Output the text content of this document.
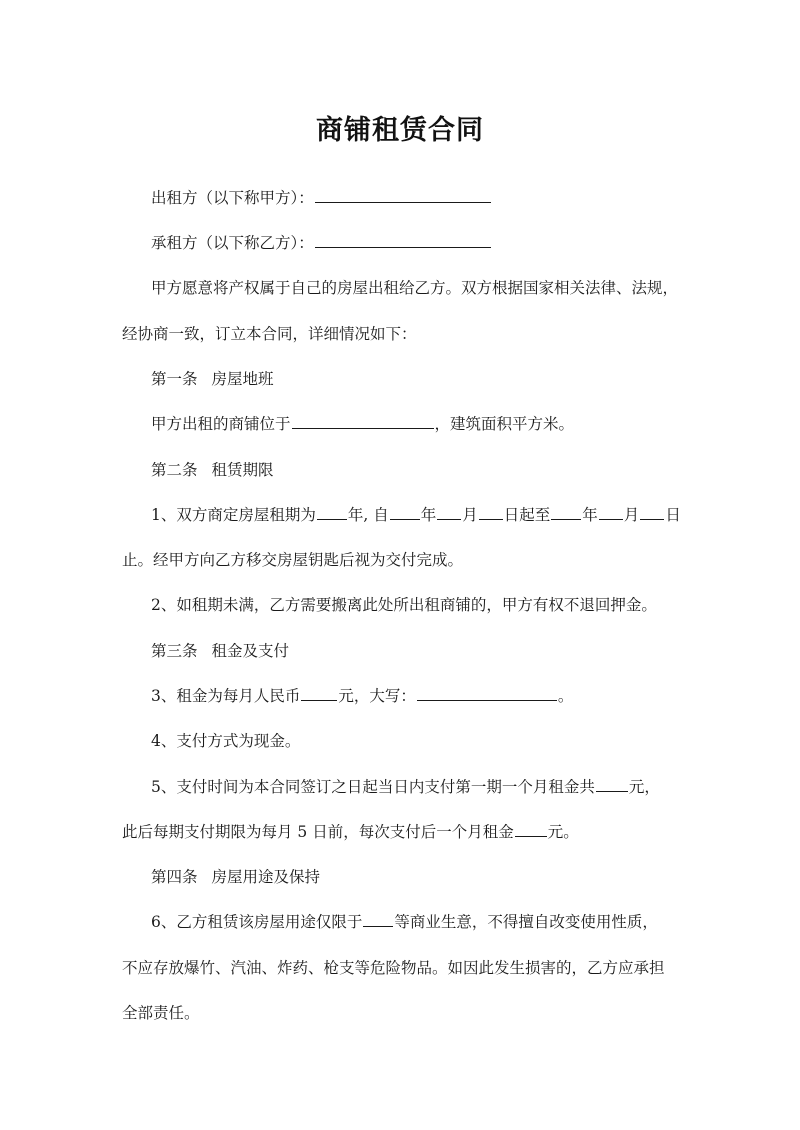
商铺租赁合同
出租方（以下称甲方）：
承租方（以下称乙方）：
甲方愿意将产权属于自己的房屋出租给乙方。双方根据国家相关法律、法规，
经协商一致，订立本合同，详细情况如下：
第一条 房屋地班
甲方出租的商铺位于	，建筑面积平方米。
第二条 租赁期限
1、双方商定房屋租期为 年, 自 年 月 日起至 年 月 日
止。经甲方向乙方移交房屋钥匙后视为交付完成。
2、如租期未满，乙方需要搬离此处所出租商铺的，甲方有权不退回押金。
第三条 租金及支付
3、租金为每月人民币 元，大写：	。
4、支付方式为现金。
5、支付时间为本合同签订之日起当日内支付第一期一个月租金共 元，
此后每期支付期限为每月 5 日前，每次支付后一个月租金 元。
第四条 房屋用途及保持
6、乙方租赁该房屋用途仅限于 等商业生意，不得擅自改变使用性质，
不应存放爆竹、汽油、炸药、枪支等危险物品。如因此发生损害的，乙方应承担
全部责任。
